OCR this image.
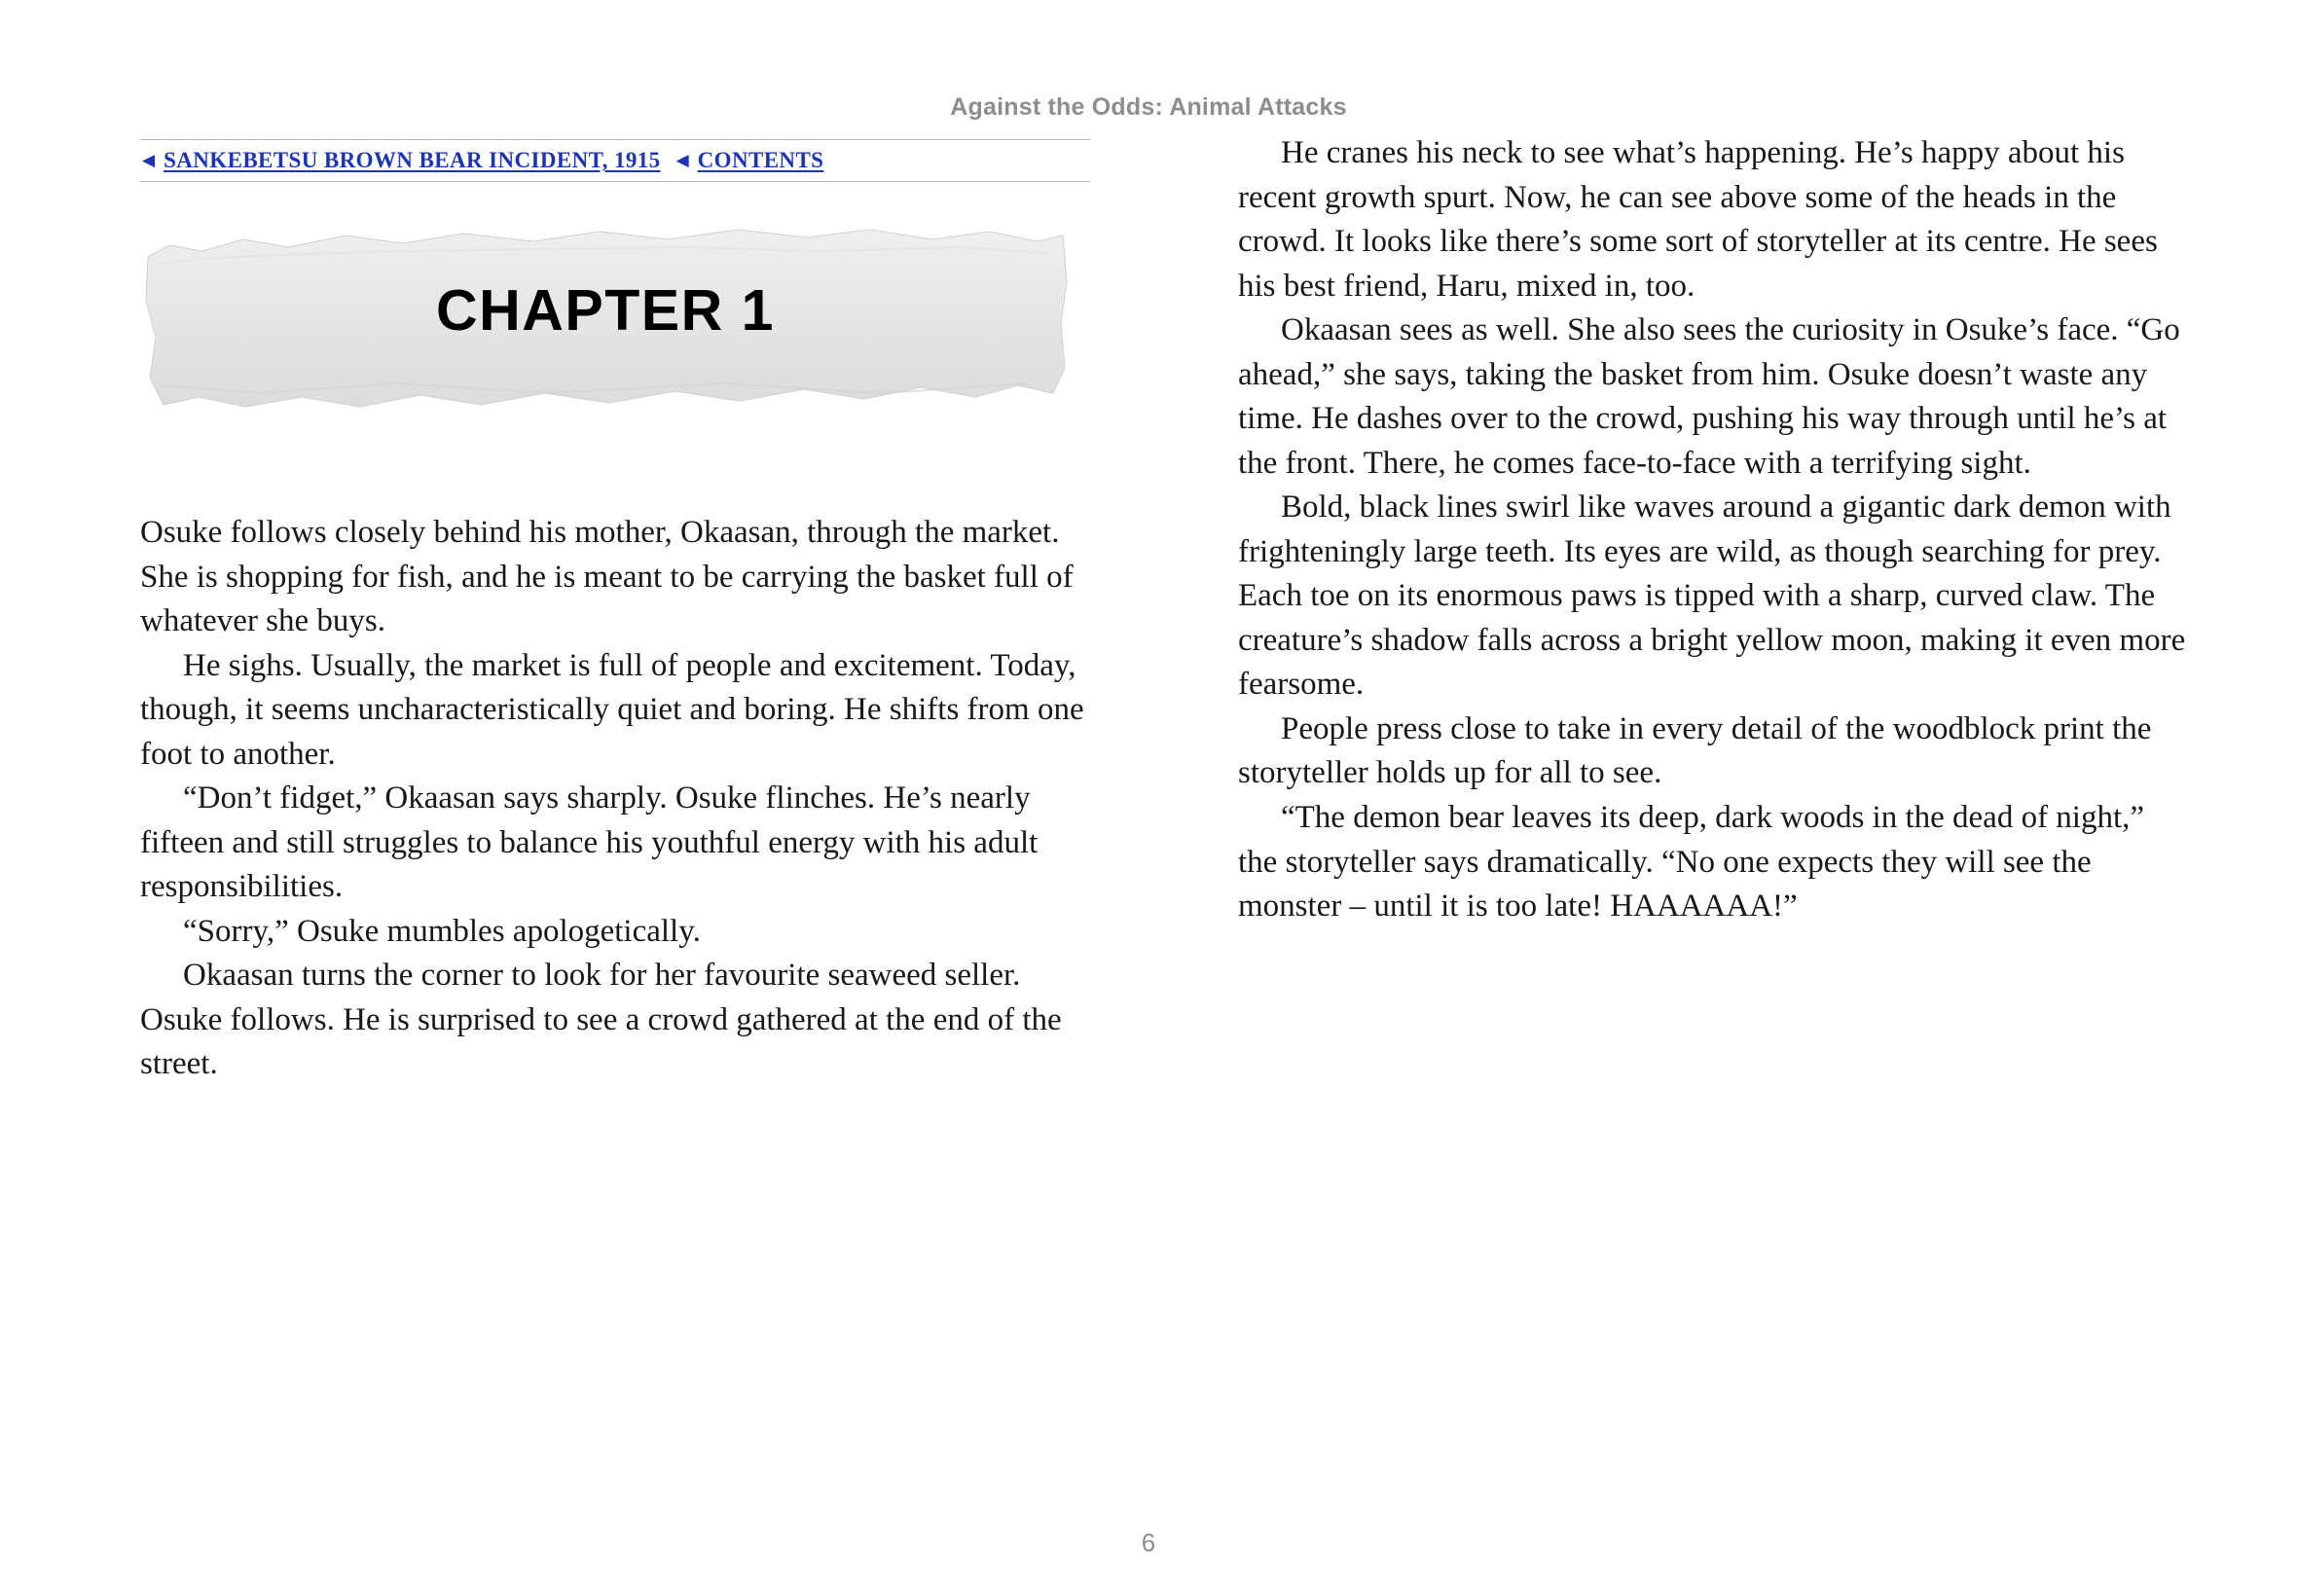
Against the Odds: Animal Attacks
◀ SANKEBETSU BROWN BEAR INCIDENT, 1915 ◀ CONTENTS
CHAPTER 1

Osuke follows closely behind his mother, Okaasan, through the market. She is shopping for fish, and he is meant to be carrying the basket full of whatever she buys.

He sighs. Usually, the market is full of people and excitement. Today, though, it seems uncharacteristically quiet and boring. He shifts from one foot to another.

“Don’t fidget,” Okaasan says sharply. Osuke flinches. He’s nearly fifteen and still struggles to balance his youthful energy with his adult responsibilities.

“Sorry,” Osuke mumbles apologetically.

Okaasan turns the corner to look for her favourite seaweed seller. Osuke follows. He is surprised to see a crowd gathered at the end of the street.

He cranes his neck to see what’s happening. He’s happy about his recent growth spurt. Now, he can see above some of the heads in the crowd. It looks like there’s some sort of storyteller at its centre. He sees his best friend, Haru, mixed in, too.

Okaasan sees as well. She also sees the curiosity in Osuke’s face. “Go ahead,” she says, taking the basket from him. Osuke doesn’t waste any time. He dashes over to the crowd, pushing his way through until he’s at the front. There, he comes face-to-face with a terrifying sight.

Bold, black lines swirl like waves around a gigantic dark demon with frighteningly large teeth. Its eyes are wild, as though searching for prey. Each toe on its enormous paws is tipped with a sharp, curved claw. The creature’s shadow falls across a bright yellow moon, making it even more fearsome.

People press close to take in every detail of the woodblock print the storyteller holds up for all to see.

“The demon bear leaves its deep, dark woods in the dead of night,” the storyteller says dramatically. “No one expects they will see the monster – until it is too late! HAAAAAA!”

6
